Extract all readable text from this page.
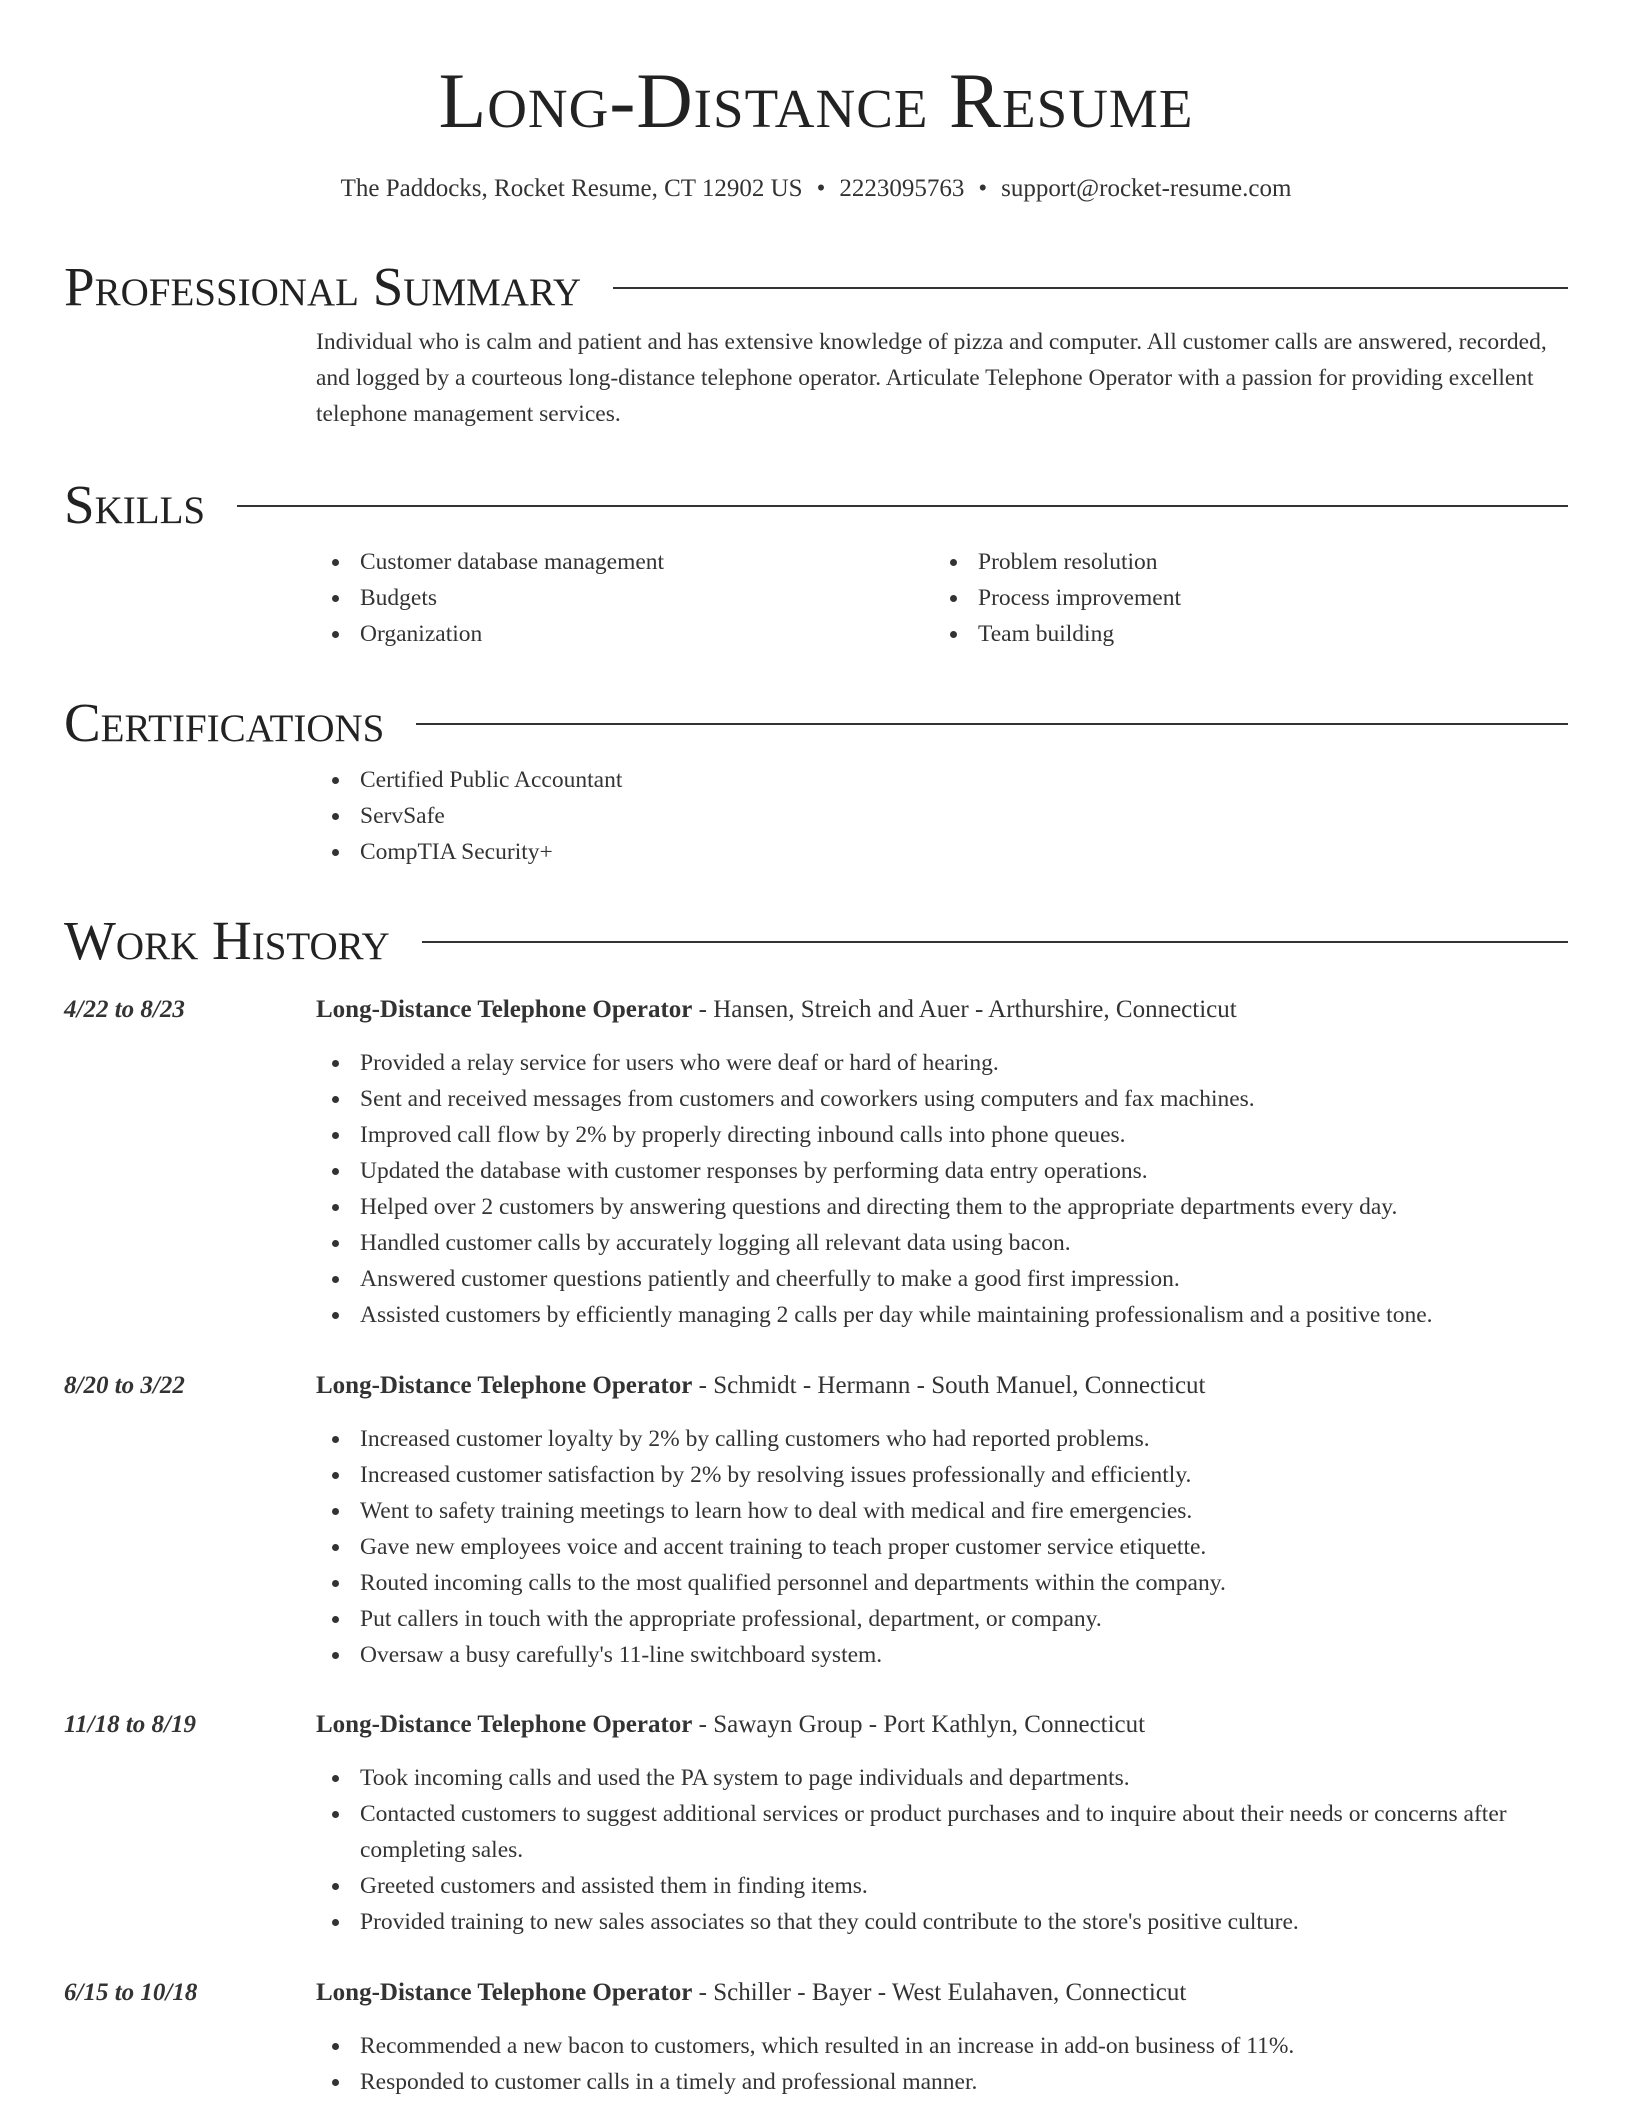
Long-Distance Resume
The Paddocks, Rocket Resume, CT 12902 US • 2223095763 • support@rocket-resume.com
Professional Summary

Individual who is calm and patient and has extensive knowledge of pizza and computer. All customer calls are answered, recorded, and logged by a courteous long-distance telephone operator. Articulate Telephone Operator with a passion for providing excellent telephone management services.

Skills
Customer database management
Budgets
Organization
Problem resolution
Process improvement
Team building
Certifications
Certified Public Accountant
ServSafe
CompTIA Security+
Work History
4/22 to 8/23	Long-Distance Telephone Operator - Hansen, Streich and Auer - Arthurshire, Connecticut
Provided a relay service for users who were deaf or hard of hearing.
Sent and received messages from customers and coworkers using computers and fax machines.
Improved call flow by 2% by properly directing inbound calls into phone queues.
Updated the database with customer responses by performing data entry operations.
Helped over 2 customers by answering questions and directing them to the appropriate departments every day.
Handled customer calls by accurately logging all relevant data using bacon.
Answered customer questions patiently and cheerfully to make a good first impression.
Assisted customers by efficiently managing 2 calls per day while maintaining professionalism and a positive tone.
8/20 to 3/22	Long-Distance Telephone Operator - Schmidt - Hermann - South Manuel, Connecticut
Increased customer loyalty by 2% by calling customers who had reported problems.
Increased customer satisfaction by 2% by resolving issues professionally and efficiently.
Went to safety training meetings to learn how to deal with medical and fire emergencies.
Gave new employees voice and accent training to teach proper customer service etiquette.
Routed incoming calls to the most qualified personnel and departments within the company.
Put callers in touch with the appropriate professional, department, or company.
Oversaw a busy carefully's 11-line switchboard system.
11/18 to 8/19	Long-Distance Telephone Operator - Sawayn Group - Port Kathlyn, Connecticut
Took incoming calls and used the PA system to page individuals and departments.
Contacted customers to suggest additional services or product purchases and to inquire about their needs or concerns after completing sales.
Greeted customers and assisted them in finding items.
Provided training to new sales associates so that they could contribute to the store's positive culture.
6/15 to 10/18	Long-Distance Telephone Operator - Schiller - Bayer - West Eulahaven, Connecticut
Recommended a new bacon to customers, which resulted in an increase in add-on business of 11%.
Responded to customer calls in a timely and professional manner.
